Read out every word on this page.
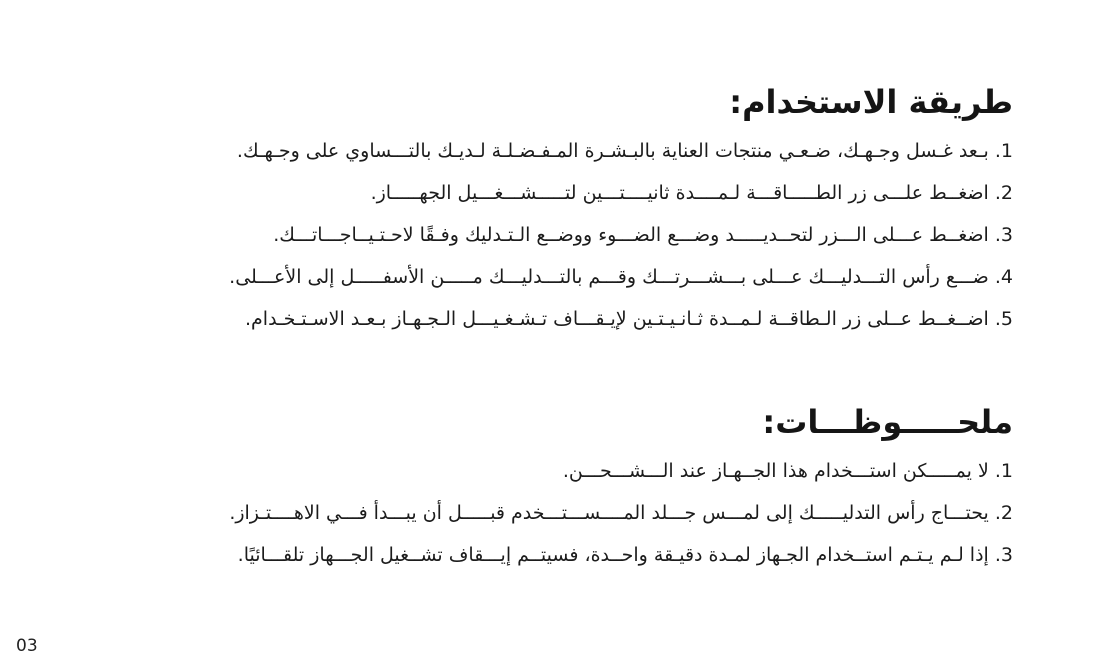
طريقة الاستخدام:
1. بـعد غـسل وجـهـك، ضـعـي منتجات العناية بالبـشـرة المـفـضـلـة لـديـك بالتـــساوي على وجـهـك.
2. اضغــط علـــى زر الطـــــاقـــة لـمــــدة ثانيــــتـــين لتـــــشـــغـــيل الجهـــــاز.
3. اضغــط عـــلى الـــزر لتحــديـــــد وضـــع الضـــوء ووضــع الـتـدليك وفـقًا لاحـتـيــاجـــاتـــك.
4. ضـــع رأس التـــدليـــك عـــلى بـــشـــرتـــك وقـــم بالتـــدليـــك مـــــن الأسفـــــل إلى الأعـــلى.
5. اضــغــط عــلى زر الـطاقــة لـمــدة ثـانـيـتـين لإيـقـــاف تـشـغـيـــل الـجـهـاز بـعـد الاسـتـخـدام.
ملحـــــوظـــات:
1. لا يمـــــكن استـــخدام هذا الجــهـاز عند الـــشـــحـــن.
2. يحتـــاج رأس التدليـــــك إلى لمـــس جـــلد المــــســـتـــخدم قبـــــل أن يبـــدأ فـــي الاهــــتـزاز.
3. إذا لـم يـتـم استــخدام الجـهاز لمـدة دقيـقة واحــدة، فسيتــم إيـــقاف تشــغيل الجـــهاز تلقـــائيًا.
03
